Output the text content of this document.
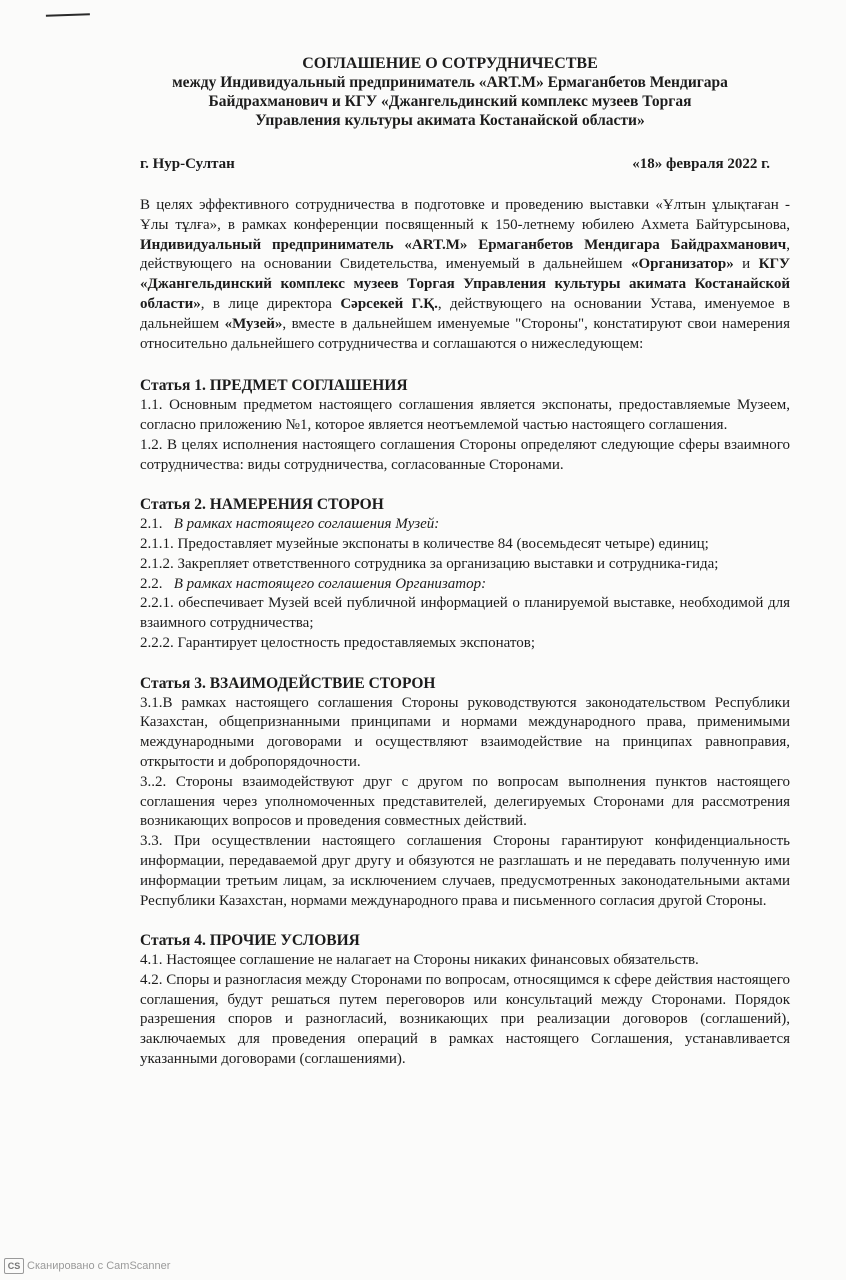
СОГЛАШЕНИЕ О СОТРУДНИЧЕСТВЕ
между Индивидуальный предприниматель «ART.M» Ермаганбетов Мендигара
Байдрахманович и КГУ «Джангельдинский комплекс музеев Торгая
Управления культуры акимата Костанайской области»
г. Нур-Султан	«18» февраля 2022 г.

В целях эффективного сотрудничества в подготовке и проведению выставки «Ұлтын ұлықтаған - Ұлы тұлға», в рамках конференции посвященный к 150-летнему юбилею Ахмета Байтурсынова, Индивидуальный предприниматель «ART.M» Ермаганбетов Мендигара Байдрахманович, действующего на основании Свидетельства, именуемый в дальнейшем «Организатор» и КГУ «Джангельдинский комплекс музеев Торгая Управления культуры акимата Костанайской области», в лице директора Сәрсекей Г.Қ., действующего на основании Устава, именуемое в дальнейшем «Музей», вместе в дальнейшем именуемые "Стороны", констатируют свои намерения относительно дальнейшего сотрудничества и соглашаются о нижеследующем:

Статья 1. ПРЕДМЕТ СОГЛАШЕНИЯ

1.1. Основным предметом настоящего соглашения является экспонаты, предоставляемые Музеем, согласно приложению №1, которое является неотъемлемой частью настоящего соглашения.

1.2. В целях исполнения настоящего соглашения Стороны определяют следующие сферы взаимного сотрудничества: виды сотрудничества, согласованные Сторонами.

Статья 2. НАМЕРЕНИЯ СТОРОН

2.1. В рамках настоящего соглашения Музей:

2.1.1. Предоставляет музейные экспонаты в количестве 84 (восемьдесят четыре) единиц;

2.1.2. Закрепляет ответственного сотрудника за организацию выставки и сотрудника-гида;

2.2. В рамках настоящего соглашения Организатор:

2.2.1. обеспечивает Музей всей публичной информацией о планируемой выставке, необходимой для взаимного сотрудничества;

2.2.2. Гарантирует целостность предоставляемых экспонатов;

Статья 3. ВЗАИМОДЕЙСТВИЕ СТОРОН

3.1.В рамках настоящего соглашения Стороны руководствуются законодательством Республики Казахстан, общепризнанными принципами и нормами международного права, применимыми международными договорами и осуществляют взаимодействие на принципах равноправия, открытости и добропорядочности.

3..2. Стороны взаимодействуют друг с другом по вопросам выполнения пунктов настоящего соглашения через уполномоченных представителей, делегируемых Сторонами для рассмотрения возникающих вопросов и проведения совместных действий.

3.3. При осуществлении настоящего соглашения Стороны гарантируют конфиденциальность информации, передаваемой друг другу и обязуются не разглашать и не передавать полученную ими информации третьим лицам, за исключением случаев, предусмотренных законодательными актами Республики Казахстан, нормами международного права и письменного согласия другой Стороны.

Статья 4. ПРОЧИЕ УСЛОВИЯ

4.1. Настоящее соглашение не налагает на Стороны никаких финансовых обязательств.

4.2. Споры и разногласия между Сторонами по вопросам, относящимся к сфере действия настоящего соглашения, будут решаться путем переговоров или консультаций между Сторонами. Порядок разрешения споров и разногласий, возникающих при реализации договоров (соглашений), заключаемых для проведения операций в рамках настоящего Соглашения, устанавливается указанными договорами (соглашениями).

CS Сканировано с CamScanner
